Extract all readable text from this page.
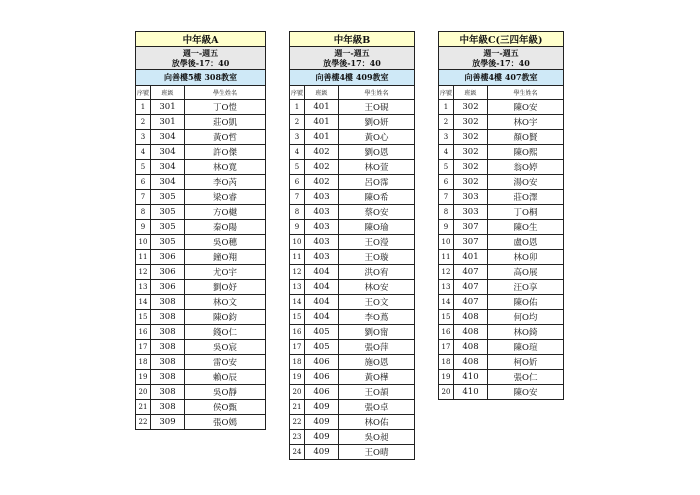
中年級A		

週一-週五
放學後-17：40		

向善樓5樓 308教室		
序號	班級	學生姓名
1	301	丁O愷
2	301	莊O凱
3	304	黃O哲
4	304	許O傑
5	304	林O寬
6	304	李O芮
7	305	梁O睿
8	305	方O樾
9	305	秦O陽
10	305	吳O穗
11	306	鐘O翔
12	306	尤O宇
13	306	劉O妤
14	308	林O文
15	308	陳O鈞
16	308	錢O仁
17	308	吳O宸
18	308	雷O安
19	308	賴O辰
20	308	吳O靜
21	308	侯O甄
22	309	張O嫣
中年級B		

週一-週五
放學後-17：40		

向善樓4樓 409教室		
序號	班級	學生姓名
1	401	王O硯
2	401	劉O妍
3	401	黃O心
4	402	劉O恩
5	402	林O萱
6	402	呂O霈
7	403	陳O希
8	403	蔡O安
9	403	陳O瑜
10	403	王O瀅
11	403	王O璇
12	404	洪O宥
13	404	林O安
14	404	王O文
15	404	李O蔦
16	405	劉O甯
17	405	張O萍
18	406	施O恩
19	406	黃O樺
20	406	王O頡
21	409	張O卓
22	409	林O佑
23	409	吳O昶
24	409	王O晴
中年級C(三四年級)		

週一-週五
放學後-17：40		

向善樓4樓 407教室		
序號	班級	學生姓名
1	302	陳O安
2	302	林O宇
3	302	顏O賢
4	302	陳O熙
5	302	翁O婷
6	302	湯O安
7	303	莊O澤
8	303	丁O桐
9	307	陳O生
10	307	盧O恩
11	401	林O卯
12	407	高O展
13	407	汪O享
14	407	陳O佑
15	408	何O均
16	408	林O錡
17	408	陳O瑄
18	408	柯O妡
19	410	張O仁
20	410	陳O安
